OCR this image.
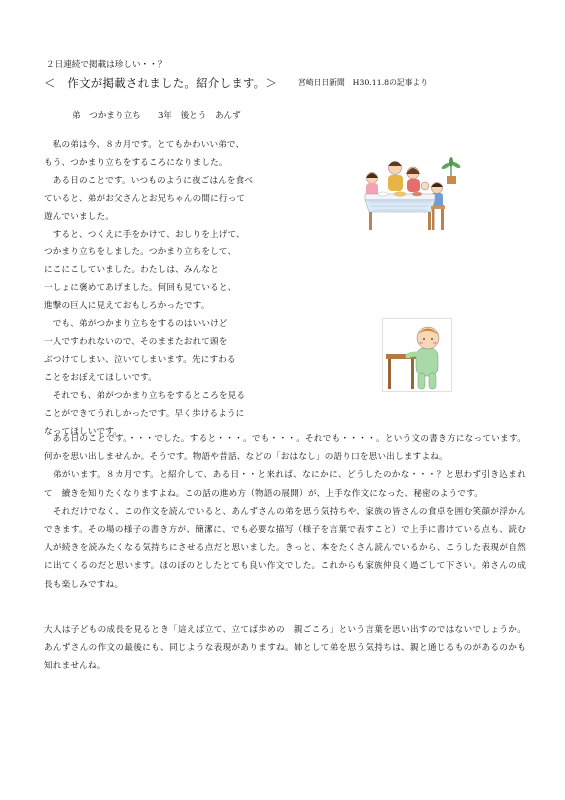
２日連続で掲載は珍しい・・？
＜　作文が掲載されました。紹介します。＞	宮崎日日新聞　H30.11.8の記事より
弟　つかまり立ち　　3年　後とう　あんず

　私の弟は今、８カ月です。とてもかわいい弟で、

もう、つかまり立ちをするころになりました。

　ある日のことです。いつものように夜ごはんを食べ

ていると、弟がお父さんとお兄ちゃんの間に行って

遊んでいました。

　すると、つくえに手をかけて、おしりを上げて、

つかまり立ちをしました。つかまり立ちをして、

にこにこしていました。わたしは、みんなと

一しょに褒めてあげました。何回も見ていると、

進撃の巨人に見えておもしろかったです。

　でも、弟がつかまり立ちをするのはいいけど

一人ですわれないので、そのままたおれて頭を

ぶつけてしまい、泣いてしまいます。先にすわる

ことをおぼえてほしいです。

　それでも、弟がつかまり立ちをするところを見る

ことができてうれしかったです。早く歩けるように

なってほしいです。

　ある日のことです。・・・でした。すると・・・。でも・・・。それでも・・・・。という文の書き方になっています。何かを思い出しませんか。そうです。物語や昔話、などの「おはなし」の語り口を思い出しますよね。

　弟がいます。８カ月です。と紹介して、ある日・・と来れば、なにかに、どうしたのかな・・・？と思わず引き込まれて　續きを知りたくなりますよね。この話の進め方（物語の展開）が、上手な作文になった、秘密のようです。

　それだけでなく、この作文を読んでいると、あんずさんの弟を思う気持ちや、家族の皆さんの食卓を囲む笑顔が浮かんできます。その場の様子の書き方が、簡潔に、でも必要な描写（様子を言葉で表すこと）で上手に書けている点も、読む人が続きを読みたくなる気持ちにさせる点だと思いました。きっと、本をたくさん読んでいるから、こうした表現が自然に出てくるのだと思います。ほのぼのとしたとても良い作文でした。これからも家族仲良く過ごして下さい。弟さんの成長も楽しみですね。

大人は子どもの成長を見るとき「這えば立て、立てば歩めの　親ごころ」という言葉を思い出すのではないでしょうか。あんずさんの作文の最後にも、同じような表現がありますね。姉として弟を思う気持ちは、親と通じるものがあるのかも知れませんね。
